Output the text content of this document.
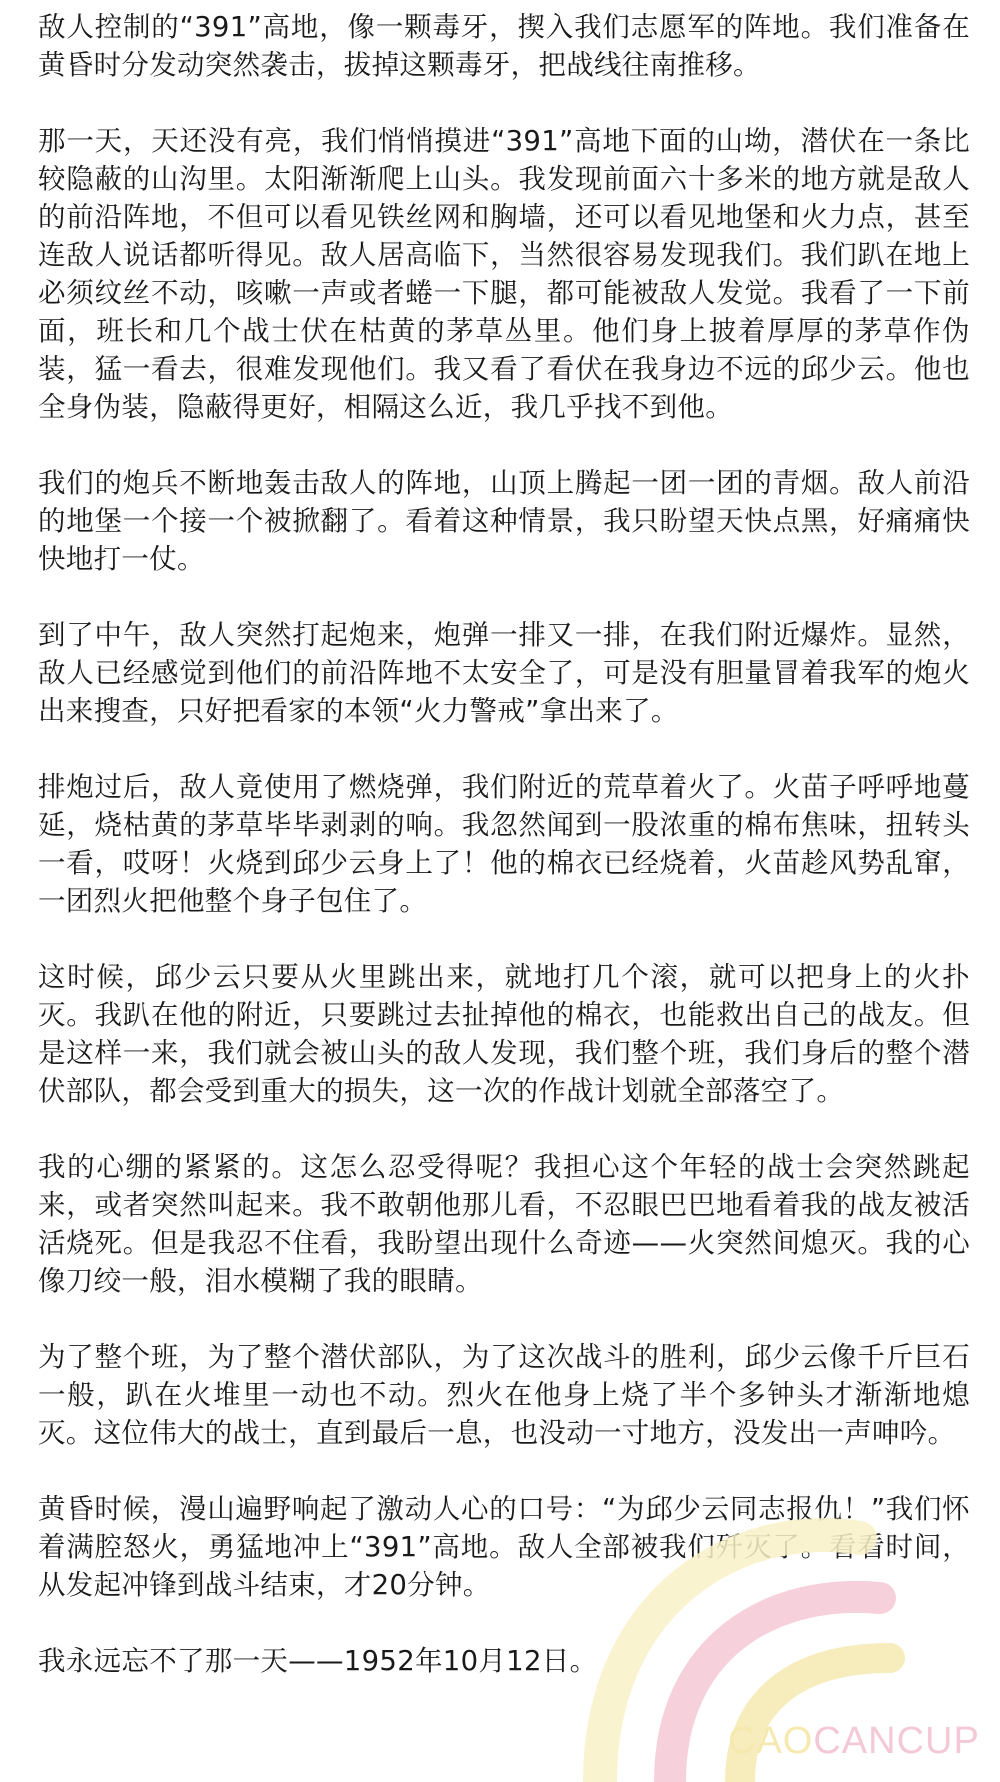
敌人控制的“391”高地，像一颗毒牙，揳入我们志愿军的阵地。我们准备在黄昏时分发动突然袭击，拔掉这颗毒牙，把战线往南推移。

那一天，天还没有亮，我们悄悄摸进“391”高地下面的山坳，潜伏在一条比较隐蔽的山沟里。太阳渐渐爬上山头。我发现前面六十多米的地方就是敌人的前沿阵地，不但可以看见铁丝网和胸墙，还可以看见地堡和火力点，甚至连敌人说话都听得见。敌人居高临下，当然很容易发现我们。我们趴在地上必须纹丝不动，咳嗽一声或者蜷一下腿，都可能被敌人发觉。我看了一下前面，班长和几个战士伏在枯黄的茅草丛里。他们身上披着厚厚的茅草作伪装，猛一看去，很难发现他们。我又看了看伏在我身边不远的邱少云。他也全身伪装，隐蔽得更好，相隔这么近，我几乎找不到他。

我们的炮兵不断地轰击敌人的阵地，山顶上腾起一团一团的青烟。敌人前沿的地堡一个接一个被掀翻了。看着这种情景，我只盼望天快点黑，好痛痛快快地打一仗。

到了中午，敌人突然打起炮来，炮弹一排又一排，在我们附近爆炸。显然，敌人已经感觉到他们的前沿阵地不太安全了，可是没有胆量冒着我军的炮火出来搜查，只好把看家的本领“火力警戒”拿出来了。

排炮过后，敌人竟使用了燃烧弹，我们附近的荒草着火了。火苗子呼呼地蔓延，烧枯黄的茅草毕毕剥剥的响。我忽然闻到一股浓重的棉布焦味，扭转头一看，哎呀！火烧到邱少云身上了！他的棉衣已经烧着，火苗趁风势乱窜，一团烈火把他整个身子包住了。

这时候，邱少云只要从火里跳出来，就地打几个滚，就可以把身上的火扑灭。我趴在他的附近，只要跳过去扯掉他的棉衣，也能救出自己的战友。但是这样一来，我们就会被山头的敌人发现，我们整个班，我们身后的整个潜伏部队，都会受到重大的损失，这一次的作战计划就全部落空了。

我的心绷的紧紧的。这怎么忍受得呢？我担心这个年轻的战士会突然跳起来，或者突然叫起来。我不敢朝他那儿看，不忍眼巴巴地看着我的战友被活活烧死。但是我忍不住看，我盼望出现什么奇迹——火突然间熄灭。我的心像刀绞一般，泪水模糊了我的眼睛。

为了整个班，为了整个潜伏部队，为了这次战斗的胜利，邱少云像千斤巨石一般，趴在火堆里一动也不动。烈火在他身上烧了半个多钟头才渐渐地熄灭。这位伟大的战士，直到最后一息，也没动一寸地方，没发出一声呻吟。

黄昏时候，漫山遍野响起了激动人心的口号：“为邱少云同志报仇！”我们怀着满腔怒火，勇猛地冲上“391”高地。敌人全部被我们歼灭了。看看时间，从发起冲锋到战斗结束，才20分钟。

我永远忘不了那一天——1952年10月12日。

CAOCANCUP
